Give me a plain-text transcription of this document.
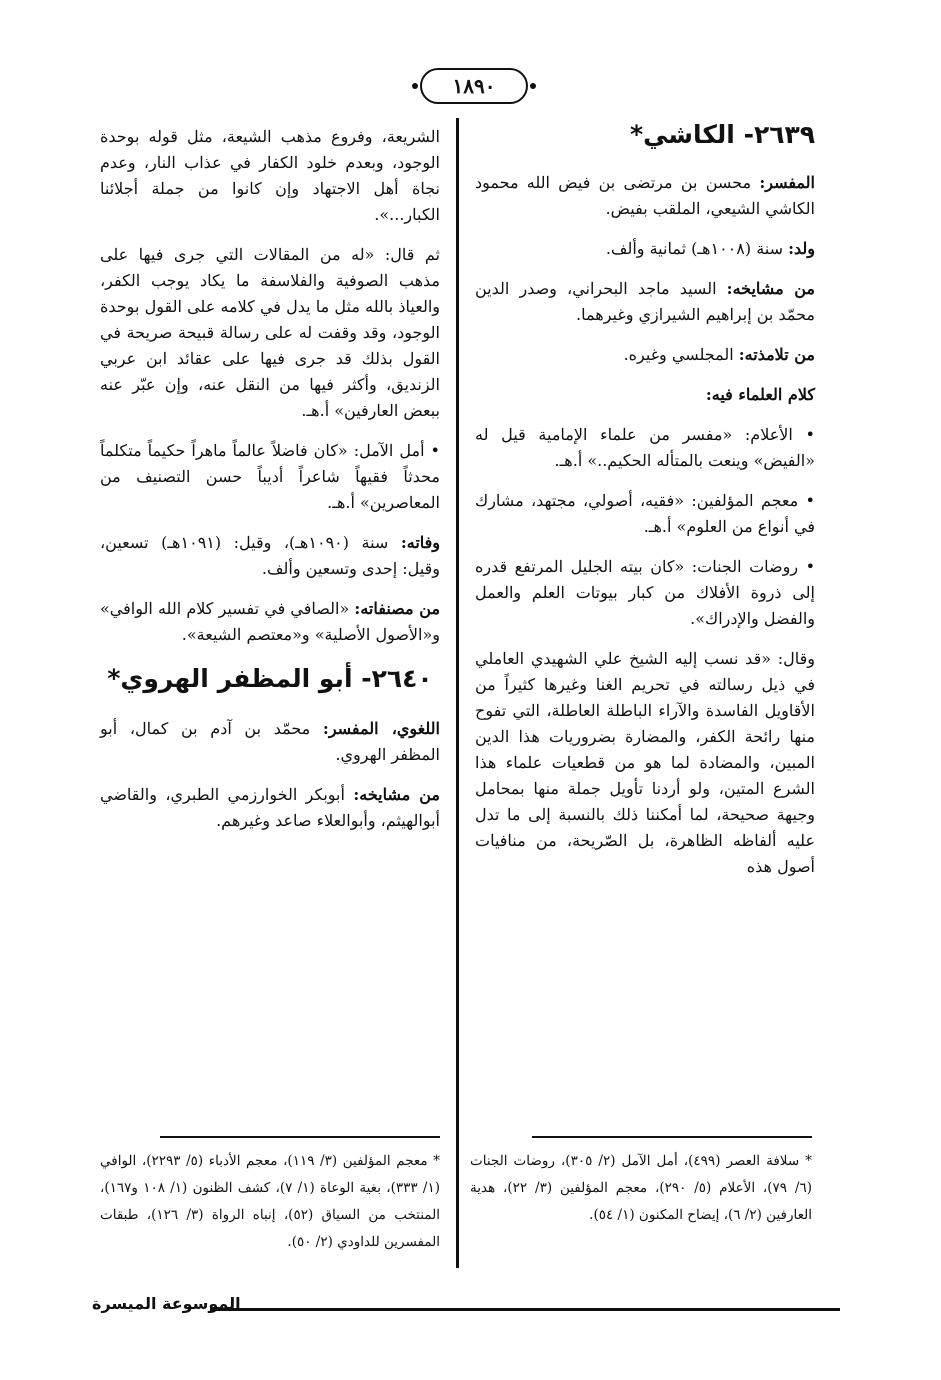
١٨٩٠
٢٦٣٩- الكاشي*

المفسر: محسن بن مرتضى بن فيض الله محمود الكاشي الشيعي، الملقب بفيض.

ولد: سنة (١٠٠٨هـ) ثمانية وألف.

من مشايخه: السيد ماجد البحراني، وصدر الدين محمّد بن إبراهيم الشيرازي وغيرهما.

من تلامذته: المجلسي وغيره.

كلام العلماء فيه:

• الأعلام: «مفسر من علماء الإمامية قيل له «الفيض» وينعت بالمتأله الحكيم..» أ.هـ.

• معجم المؤلفين: «فقيه، أصولي، مجتهد، مشارك في أنواع من العلوم» أ.هـ.

• روضات الجنات: «كان بيته الجليل المرتفع قدره إلى ذروة الأفلاك من كبار بيوتات العلم والعمل والفضل والإدراك».

وقال: «قد نسب إليه الشيخ علي الشهيدي العاملي في ذيل رسالته في تحريم الغنا وغيرها كثيراً من الأقاويل الفاسدة والآراء الباطلة العاطلة، التي تفوح منها رائحة الكفر، والمضارة بضروريات هذا الدين المبين، والمضادة لما هو من قطعيات علماء هذا الشرع المتين، ولو أردنا تأويل جملة منها بمحامل وجيهة صحيحة، لما أمكننا ذلك بالنسبة إلى ما تدل عليه ألفاظه الظاهرة، بل الصّريحة، من منافيات أصول هذه

الشريعة، وفروع مذهب الشيعة، مثل قوله بوحدة الوجود، وبعدم خلود الكفار في عذاب النار، وعدم نجاة أهل الاجتهاد وإن كانوا من جملة أجلائنا الكبار...».

ثم قال: «له من المقالات التي جرى فيها على مذهب الصوفية والفلاسفة ما يكاد يوجب الكفر، والعياذ بالله مثل ما يدل في كلامه على القول بوحدة الوجود، وقد وقفت له على رسالة قبيحة صريحة في القول بذلك قد جرى فيها على عقائد ابن عربي الزنديق، وأكثر فيها من النقل عنه، وإن عبّر عنه ببعض العارفين» أ.هـ.

• أمل الآمل: «كان فاضلاً عالماً ماهراً حكيماً متكلماً محدثاً فقيهاً شاعراً أديباً حسن التصنيف من المعاصرين» أ.هـ.

وفاته: سنة (١٠٩٠هـ)، وقيل: (١٠٩١هـ) تسعين، وقيل: إحدى وتسعين وألف.

من مصنفاته: «الصافي في تفسير كلام الله الوافي» و«الأصول الأصلية» و«معتصم الشيعة».

٢٦٤٠- أبو المظفر الهروي*

اللغوي، المفسر: محمّد بن آدم بن كمال، أبو المظفر الهروي.

من مشايخه: أبوبكر الخوارزمي الطبري، والقاضي أبوالهيثم، وأبوالعلاء صاعد وغيرهم.

* سلافة العصر (٤٩٩)، أمل الآمل (٢/ ٣٠٥)، روضات الجنات (٦/ ٧٩)، الأعلام (٥/ ٢٩٠)، معجم المؤلفين (٣/ ٢٢)، هدية العارفين (٢/ ٦)، إيضاح المكنون (١/ ٥٤).
* معجم المؤلفين (٣/ ١١٩)، معجم الأدباء (٥/ ٢٢٩٣)، الوافي (١/ ٣٣٣)، بغية الوعاة (١/ ٧)، كشف الظنون (١/ ١٠٨ و١٦٧)، المنتخب من السياق (٥٢)، إنباه الرواة (٣/ ١٢٦)، طبقات المفسرين للداودي (٢/ ٥٠).
الموسوعة الميسرة
